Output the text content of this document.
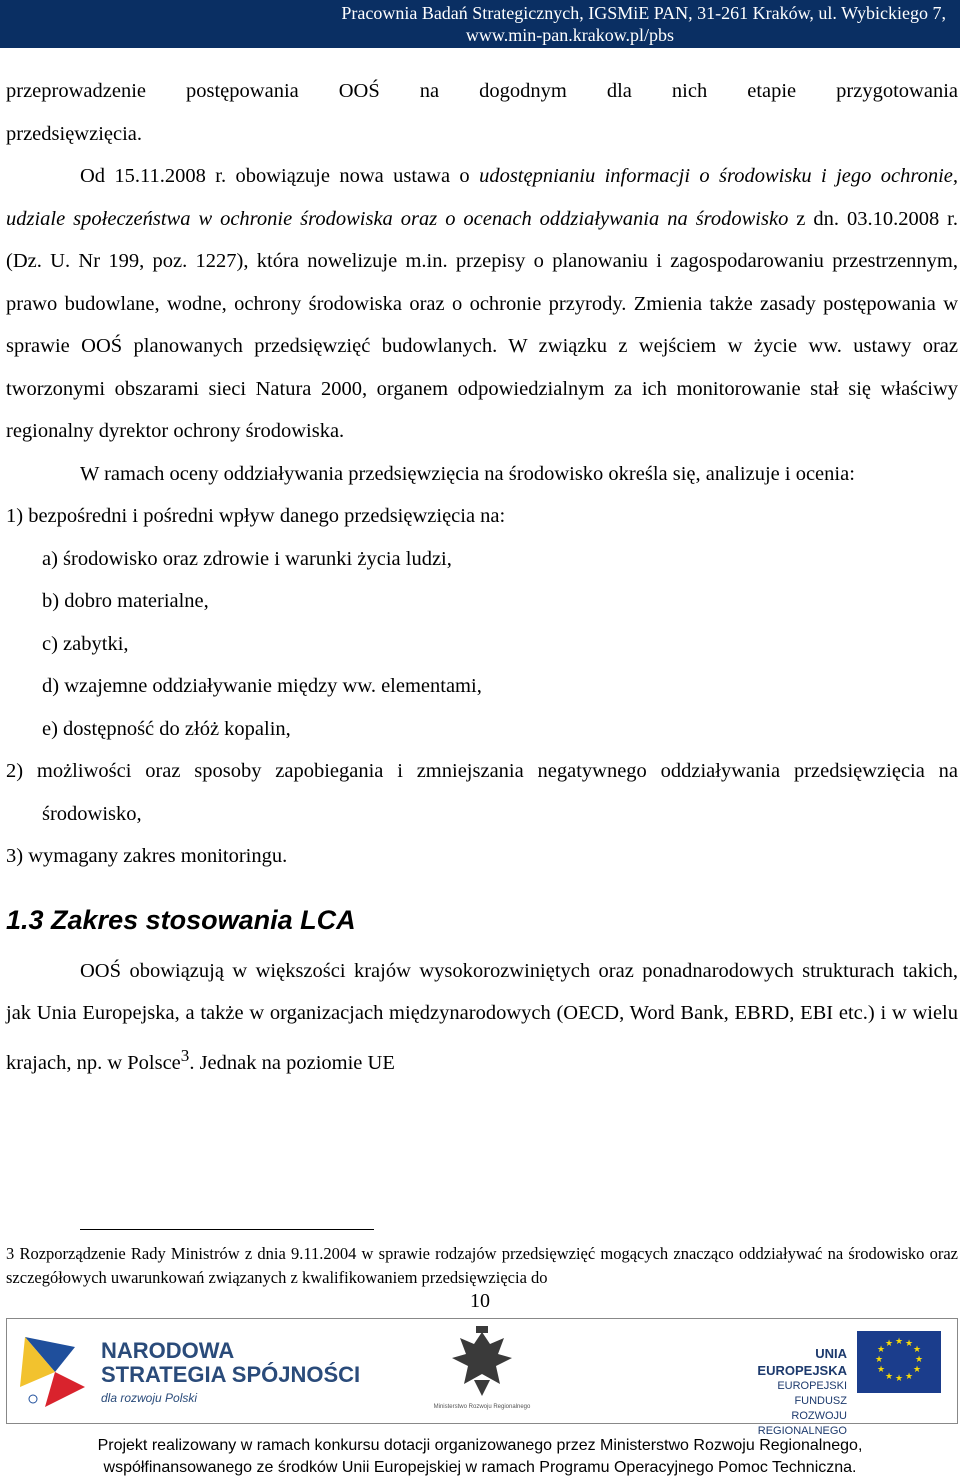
Pracownia Badań Strategicznych, IGSMiE PAN, 31-261 Kraków, ul. Wybickiego 7,
www.min-pan.krakow.pl/pbs

przeprowadzenie postępowania OOŚ na dogodnym dla nich etapie przygotowania

przedsięwzięcia.

Od 15.11.2008 r. obowiązuje nowa ustawa o udostępnianiu informacji o środowisku i jego ochronie, udziale społeczeństwa w ochronie środowiska oraz o ocenach oddziaływania na środowisko z dn. 03.10.2008 r. (Dz. U. Nr 199, poz. 1227), która nowelizuje m.in. przepisy o planowaniu i zagospodarowaniu przestrzennym, prawo budowlane, wodne, ochrony środowiska oraz o ochronie przyrody. Zmienia także zasady postępowania w sprawie OOŚ planowanych przedsięwzięć budowlanych. W związku z wejściem w życie ww. ustawy oraz tworzonymi obszarami sieci Natura 2000, organem odpowiedzialnym za ich monitorowanie stał się właściwy regionalny dyrektor ochrony środowiska.

W ramach oceny oddziaływania przedsięwzięcia na środowisko określa się, analizuje i ocenia:

1) bezpośredni i pośredni wpływ danego przedsięwzięcia na:

a) środowisko oraz zdrowie i warunki życia ludzi,

b) dobro materialne,

c) zabytki,

d) wzajemne oddziaływanie między ww. elementami,

e) dostępność do złóż kopalin,

2) możliwości oraz sposoby zapobiegania i zmniejszania negatywnego oddziaływania przedsięwzięcia na środowisko,

3) wymagany zakres monitoringu.

1.3 Zakres stosowania LCA

OOŚ obowiązują w większości krajów wysokorozwiniętych oraz ponadnarodowych strukturach takich, jak Unia Europejska, a także w organizacjach międzynarodowych (OECD, Word Bank, EBRD, EBI etc.) i w wielu krajach, np. w Polsce$^3$. Jednak na poziomie UE

3 Rozporządzenie Rady Ministrów z dnia 9.11.2004 w sprawie rodzajów przedsięwzięć mogących znacząco oddziaływać na środowisko oraz szczegółowych uwarunkowań związanych z kwalifikowaniem przedsięwzięcia do
10
NARODOWA
STRATEGIA SPÓJNOŚCI
dla rozwoju Polski
Ministerstwo Rozwoju Regionalnego
UNIA EUROPEJSKA
EUROPEJSKI FUNDUSZ
ROZWOJU REGIONALNEGO
★ ★
★
★
★
★
★
★
★
★
★
★
Projekt realizowany w ramach konkursu dotacji organizowanego przez Ministerstwo Rozwoju Regionalnego,
współfinansowanego ze środków Unii Europejskiej w ramach Programu Operacyjnego Pomoc Techniczna.
